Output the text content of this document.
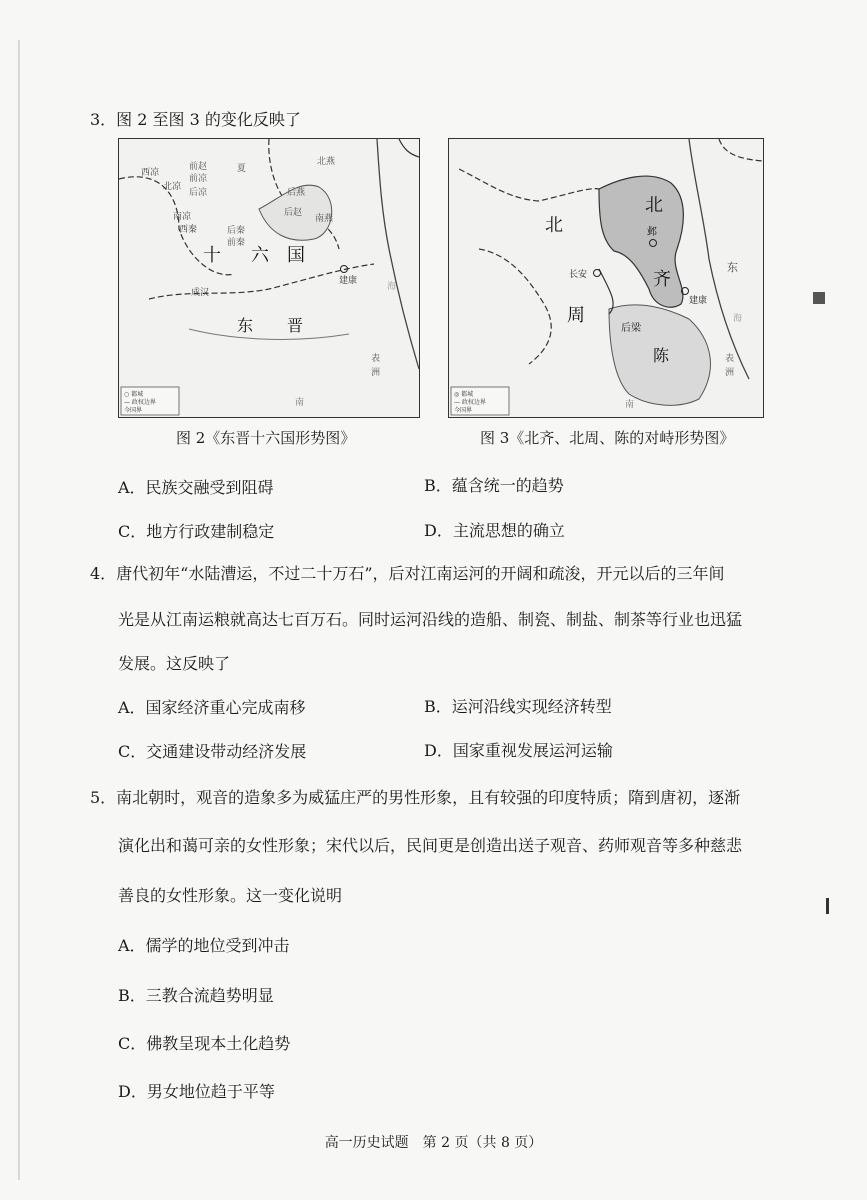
3．图 2 至图 3 的变化反映了
西凉
北凉
前赵
前凉
后凉
南凉
西秦
夏
后燕
北燕
后赵
南燕
后秦
前秦
成汉
十 六 国
建康
东 晋
海
表
洲
南
○ 都城
— 政权边界
今国界
图 2《东晋十六国形势图》
北
周
北
齐
陈
长安
邺
建康
后梁
东
海
表
洲
南
◎ 都城
— 政权边界
今国界
图 3《北齐、北周、陈的对峙形势图》
A．民族交融受到阻碍	B．蕴含统一的趋势
C．地方行政建制稳定	D．主流思想的确立
4．唐代初年“水陆漕运，不过二十万石”，后对江南运河的开阔和疏浚，开元以后的三年间
光是从江南运粮就高达七百万石。同时运河沿线的造船、制瓷、制盐、制茶等行业也迅猛
发展。这反映了
A．国家经济重心完成南移	B．运河沿线实现经济转型
C．交通建设带动经济发展	D．国家重视发展运河运输
5．南北朝时，观音的造象多为威猛庄严的男性形象，且有较强的印度特质；隋到唐初，逐渐
演化出和蔼可亲的女性形象；宋代以后，民间更是创造出送子观音、药师观音等多种慈悲
善良的女性形象。这一变化说明
A．儒学的地位受到冲击
B．三教合流趋势明显
C．佛教呈现本土化趋势
D．男女地位趋于平等
高一历史试题　第 2 页（共 8 页）
